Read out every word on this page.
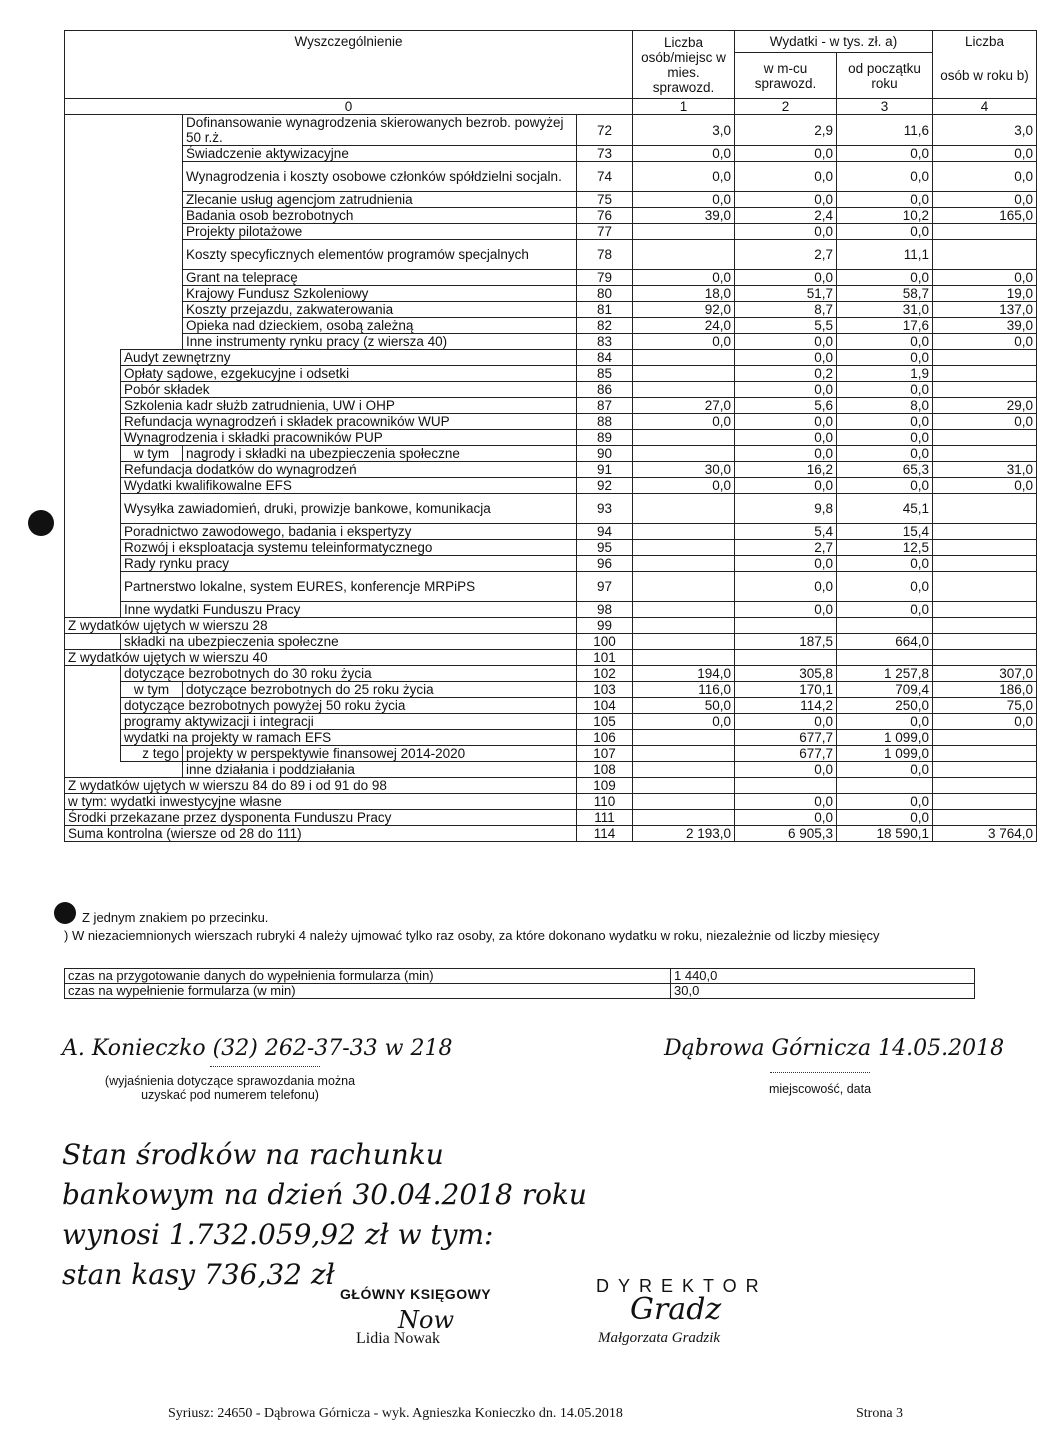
Wyszczególnienie				Liczba osób/miejsc w mies. sprawozd.	Wydatki - w tys. zł. a)		Liczba
					w m-cu sprawozd.	od początku roku	osób w roku b)
0				1	2	3	4
		Dofinansowanie wynagrodzenia skierowanych bezrob. powyżej 50 r.ż.	72	3,0	2,9	11,6	3,0
		Świadczenie aktywizacyjne	73	0,0	0,0	0,0	0,0
		Wynagrodzenia i koszty osobowe członków spółdzielni socjaln.	74	0,0	0,0	0,0	0,0
		Zlecanie usług agencjom zatrudnienia	75	0,0	0,0	0,0	0,0
		Badania osob bezrobotnych	76	39,0	2,4	10,2	165,0
		Projekty pilotażowe	77		0,0	0,0	
		Koszty specyficznych elementów programów specjalnych	78		2,7	11,1	
		Grant na telepracę	79	0,0	0,0	0,0	0,0
		Krajowy Fundusz Szkoleniowy	80	18,0	51,7	58,7	19,0
		Koszty przejazdu, zakwaterowania	81	92,0	8,7	31,0	137,0
		Opieka nad dzieckiem, osobą zależną	82	24,0	5,5	17,6	39,0
		Inne instrumenty rynku pracy (z wiersza 40)	83	0,0	0,0	0,0	0,0
	Audyt zewnętrzny		84		0,0	0,0	
	Opłaty sądowe, ezgekucyjne i odsetki		85		0,2	1,9	
	Pobór składek		86		0,0	0,0	
	Szkolenia kadr służb zatrudnienia, UW i OHP		87	27,0	5,6	8,0	29,0
	Refundacja wynagrodzeń i składek pracowników WUP		88	0,0	0,0	0,0	0,0
	Wynagrodzenia i składki pracowników PUP		89		0,0	0,0	
	w tym	nagrody i składki na ubezpieczenia społeczne	90		0,0	0,0	
	Refundacja dodatków do wynagrodzeń		91	30,0	16,2	65,3	31,0
	Wydatki kwalifikowalne EFS		92	0,0	0,0	0,0	0,0
	Wysyłka zawiadomień, druki, prowizje bankowe, komunikacja		93		9,8	45,1	
	Poradnictwo zawodowego, badania i ekspertyzy		94		5,4	15,4	
	Rozwój i eksploatacja systemu teleinformatycznego		95		2,7	12,5	
	Rady rynku pracy		96		0,0	0,0	
	Partnerstwo lokalne, system EURES, konferencje MRPiPS		97		0,0	0,0	
	Inne wydatki Funduszu Pracy		98		0,0	0,0	
Z wydatków ujętych w wierszu 28			99				
	składki na ubezpieczenia społeczne		100		187,5	664,0	
Z wydatków ujętych w wierszu 40			101				
	dotyczące bezrobotnych do 30 roku życia		102	194,0	305,8	1 257,8	307,0
	w tym	dotyczące bezrobotnych do 25 roku życia	103	116,0	170,1	709,4	186,0
	dotyczące bezrobotnych powyżej 50 roku życia		104	50,0	114,2	250,0	75,0
	programy aktywizacji i integracji		105	0,0	0,0	0,0	0,0
	wydatki na projekty w ramach EFS		106		677,7	1 099,0	
	z tego	projekty w perspektywie finansowej 2014-2020	107		677,7	1 099,0	
		inne działania i poddziałania	108		0,0	0,0	
Z wydatków ujętych w wierszu 84 do 89 i od 91 do 98			109				
w tym: wydatki inwestycyjne własne			110		0,0	0,0	
Środki przekazane przez dysponenta Funduszu Pracy			111		0,0	0,0	
Suma kontrolna (wiersze od 28 do 111)			114	2 193,0	6 905,3	18 590,1	3 764,0
Z jednym znakiem po przecinku.
) W niezaciemnionych wierszach rubryki 4 należy ujmować tylko raz osoby, za które dokonano wydatku w roku, niezależnie od liczby miesięcy
czas na przygotowanie danych do wypełnienia formularza (min)	1 440,0
czas na wypełnienie formularza (w min)	30,0
A. Konieczko (32) 262-37-33 w 218
(wyjaśnienia dotyczące sprawozdania można uzyskać pod numerem telefonu)
Dąbrowa Górnicza 14.05.2018
miejscowość, data
Stan środków na rachunku
bankowym na dzień 30.04.2018 roku
wynosi 1.732.059,92 zł w tym:
stan kasy 736,32 zł
GŁÓWNY KSIĘGOWY
Now
Lidia Nowak
DYREKTOR
Gradz
Małgorzata Gradzik
Syriusz: 24650 - Dąbrowa Górnicza - wyk. Agnieszka Konieczko dn. 14.05.2018	Strona 3
